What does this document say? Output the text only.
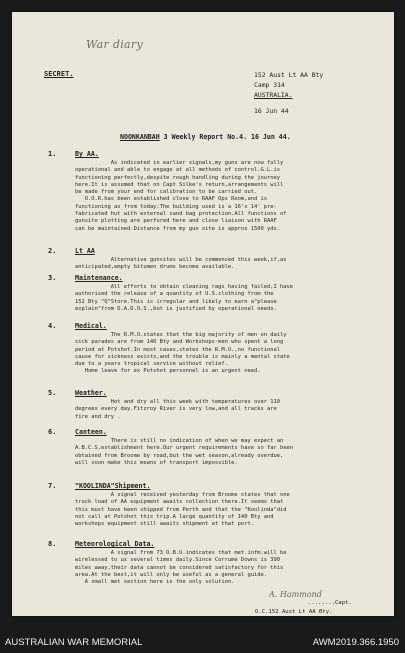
War diary
SECRET.	152 Aust Lt AA Bty
Camp 314
AUSTRALIA.
16 Jun 44
NOONKANBAH 3 Weekly Report No.4. 16 Jun 44.
1.	By AA.

As indicated in earlier signals,my guns are now fully

operational and able to engage at all methods of control.G.L.is

functioning perfectly,despite rough handling during the journey

here.It is assumed that on Capt Silke's return,arrangements will

be made from your end for calibration to be carried out.

O.O.R.has been established close to RAAF Ops Room,and is

functioning as from today.The building used is a 16'x 14' pre-

fabricated hut with external sand bag protection.All functions of

gunsite plotting are perfored here and close liaison with RAAF

can be maintained.Distance from my gun site is approx 1500 yds.

2.	Lt AA

Alternative gunsites will be commenced this week,if,as

anticipated,empty bitumen drums become available.

3.	Maintenance.

All efforts to obtain cleaning rags having failed,I have

authorised the release of a quantity of U.S.clothing from the

152 Bty "Q"Store.This is irregular and likely to earn a"please

explain"from D.A.D.O.S.,but is justified by operational needs.

4.	Medical.

The R.M.O.states that the big majority of men on daily

sick parades are from 140 Bty and Workshops-men who spent a long

period at Potshot.In most cases,states the R.M.O.,no functional

cause for sickness exists,and the trouble is mainly a mental state

due to a years tropical service without relief.

Home leave for ex Potshot personnel is an urgent need.

5.	Weather.

Hot and dry all this week with temperatures over 110

degrees every day.Fitzroy River is very low,and all tracks are

fire and dry .

6.	Canteen.

There is still no indication of when we may expect an

A.B.C.S.establishment here.Our urgent requirements have so far been

obtained from Broome by road,but the wet season,already overdue,

will soon make this means of transport impossible.

7.	"KOOLINDA"Shipment.

A signal received yesterday from Broome states that one

truck load of AA equipment awaits collection there.It seems that

this must have been shipped from Perth and that the "Koolinda"did

not call at Potshot this trip.A large quantity of 140 Bty and

workshops equipment still awaits shipment at that port.

8.	Meteorological Data.

A signal from 73 O.B.U.indicates that met.infm.will be

wirelessed to us several times daily.Since Corrume Downs is 390

miles away,their data cannot be considered satisfactory for this

area.At the best,it will only be useful as a general guide.

A small met section here is the only solution.

A. Hammond
........Capt.
O.C.152 Aust Lt AA Bty.
AUSTRALIAN WAR MEMORIAL	AWM2019.366.1950
